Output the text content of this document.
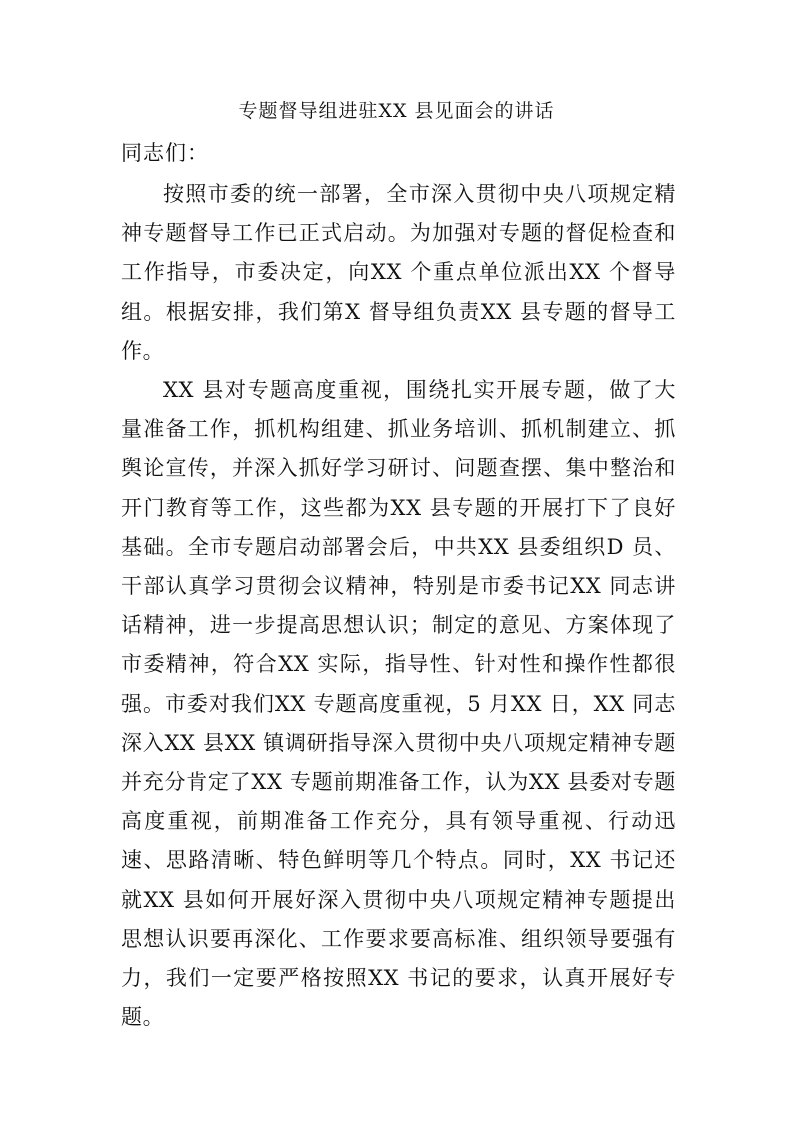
专题督导组进驻XX 县见面会的讲话
同志们：

按照市委的统一部署，全市深入贯彻中央八项规定精神专题督导工作已正式启动。为加强对专题的督促检查和工作指导，市委决定，向XX 个重点单位派出XX 个督导组。根据安排，我们第X 督导组负责XX 县专题的督导工作。

XX 县对专题高度重视，围绕扎实开展专题，做了大量准备工作，抓机构组建、抓业务培训、抓机制建立、抓舆论宣传，并深入抓好学习研讨、问题查摆、集中整治和开门教育等工作，这些都为XX 县专题的开展打下了良好基础。全市专题启动部署会后，中共XX 县委组织D 员、干部认真学习贯彻会议精神，特别是市委书记XX 同志讲话精神，进一步提高思想认识；制定的意见、方案体现了市委精神，符合XX 实际，指导性、针对性和操作性都很强。市委对我们XX 专题高度重视，5 月XX 日，XX 同志深入XX 县XX 镇调研指导深入贯彻中央八项规定精神专题并充分肯定了XX 专题前期准备工作，认为XX 县委对专题高度重视，前期准备工作充分，具有领导重视、行动迅速、思路清晰、特色鲜明等几个特点。同时，XX 书记还就XX 县如何开展好深入贯彻中央八项规定精神专题提出思想认识要再深化、工作要求要高标准、组织领导要强有力，我们一定要严格按照XX 书记的要求，认真开展好专题。
